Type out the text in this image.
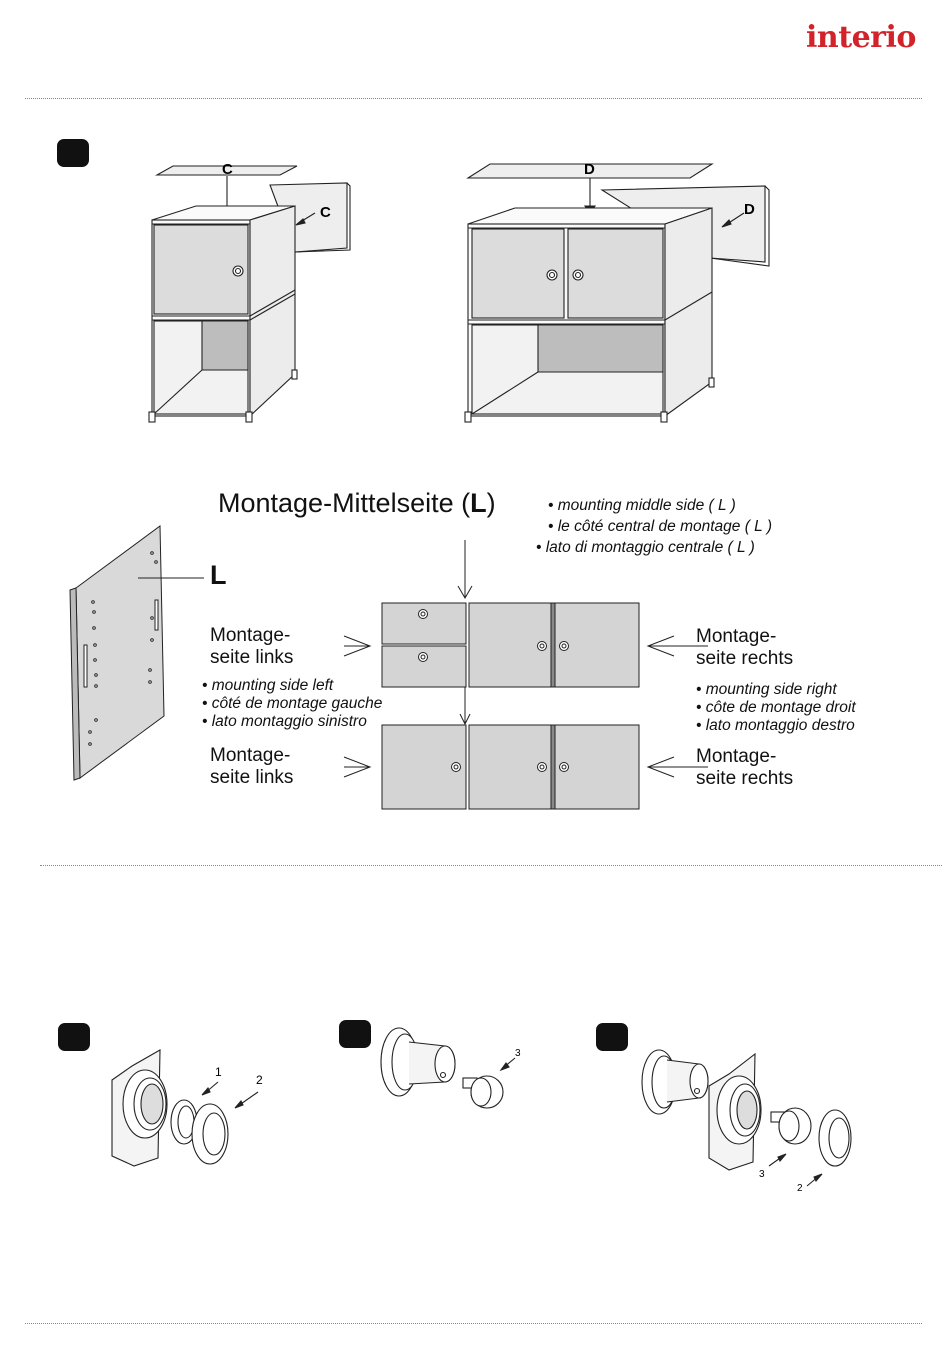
interio
C
C
D
D
Montage-Mittelseite (L)	• mounting middle side ( L )
• le côté central de montage ( L )
• lato di montaggio centrale ( L )
L
Montage-
seite links
• mounting side left
• côté de montage gauche
• lato montaggio sinistro
Montage-
seite links
Montage-
seite rechts
• mounting side right
• côte de montage droit
• lato montaggio destro
Montage-
seite rechts
1
2
3
3
2
